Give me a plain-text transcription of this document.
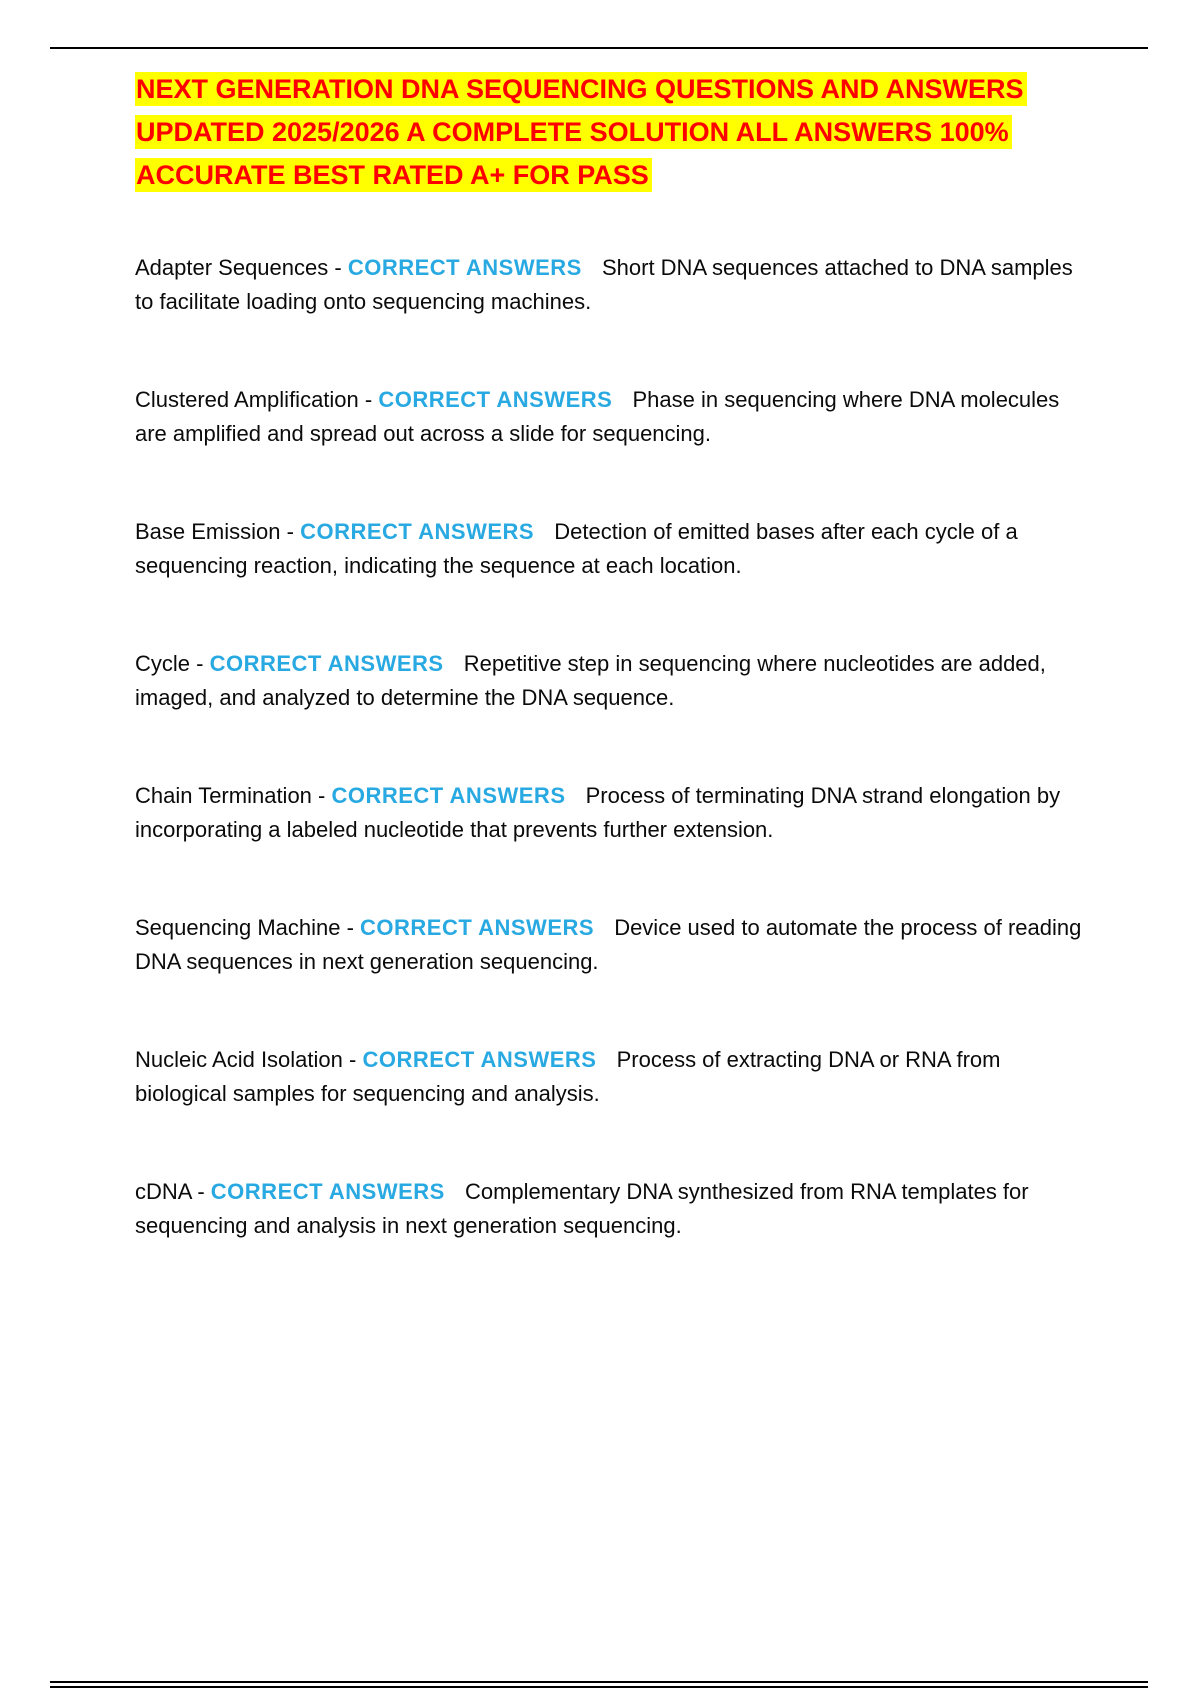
NEXT GENERATION DNA SEQUENCING QUESTIONS AND ANSWERS
UPDATED 2025/2026 A COMPLETE SOLUTION ALL ANSWERS 100%
ACCURATE BEST RATED A+ FOR PASS

Adapter Sequences - CORRECT ANSWERS Short DNA sequences attached to DNA samples to facilitate loading onto sequencing machines.

Clustered Amplification - CORRECT ANSWERS Phase in sequencing where DNA molecules are amplified and spread out across a slide for sequencing.

Base Emission - CORRECT ANSWERS Detection of emitted bases after each cycle of a sequencing reaction, indicating the sequence at each location.

Cycle - CORRECT ANSWERS Repetitive step in sequencing where nucleotides are added, imaged, and analyzed to determine the DNA sequence.

Chain Termination - CORRECT ANSWERS Process of terminating DNA strand elongation by incorporating a labeled nucleotide that prevents further extension.

Sequencing Machine - CORRECT ANSWERS Device used to automate the process of reading DNA sequences in next generation sequencing.

Nucleic Acid Isolation - CORRECT ANSWERS Process of extracting DNA or RNA from biological samples for sequencing and analysis.

cDNA - CORRECT ANSWERS Complementary DNA synthesized from RNA templates for sequencing and analysis in next generation sequencing.
